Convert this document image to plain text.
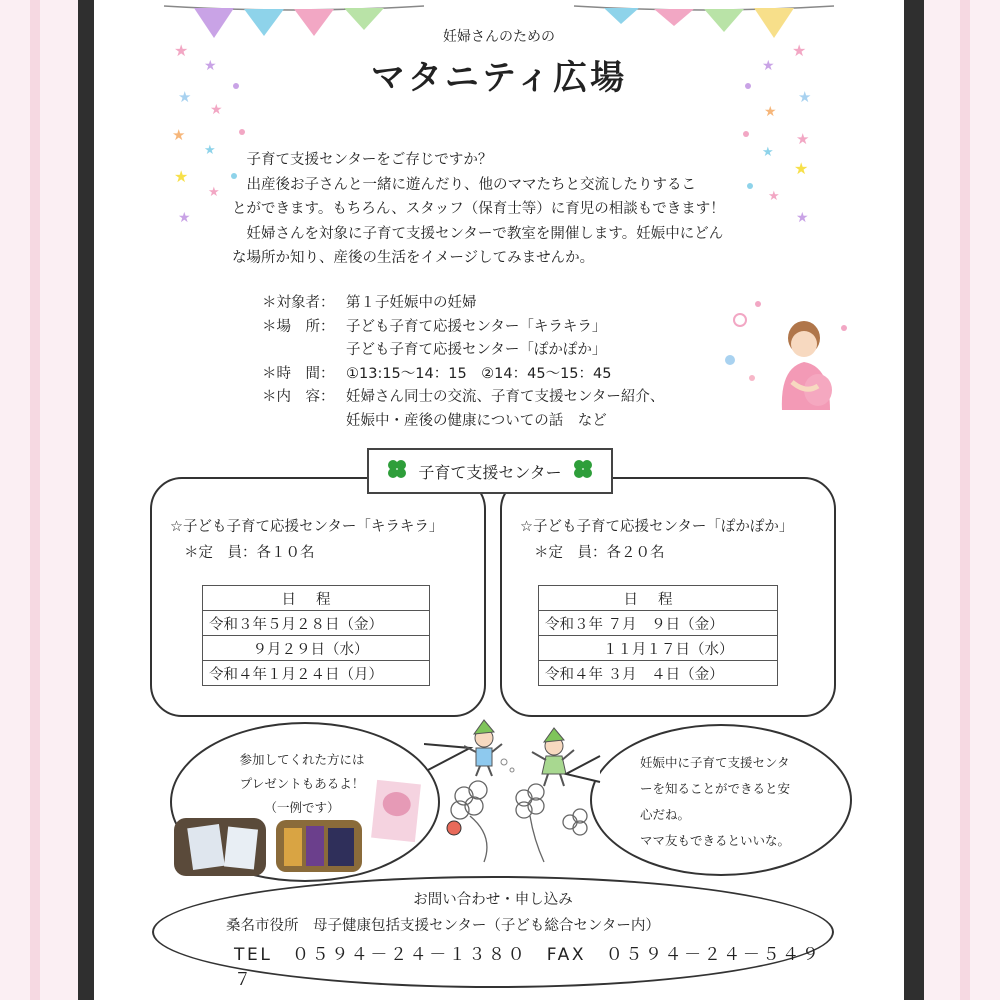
★
★
★
★
★
★
★
★
★
★
★
★
★
★
★
★
★
★
妊婦さんのための
マタニティ広場

　子育て支援センターをご存じですか？

　出産後お子さんと一緒に遊んだり、他のママたちと交流したりするこ

とができます。もちろん、スタッフ（保育士等）に育児の相談もできます！

　妊婦さんを対象に子育て支援センターで教室を開催します。妊娠中にどん

な場所か知り、産後の生活をイメージしてみませんか。

＊対象者： 第１子妊娠中の妊婦
＊場　所： 子ども子育て応援センター「キラキラ」
子ども子育て応援センター「ぽかぽか」
＊時　間： ①13:15～14：15　②14：45～15：45
＊内　容： 妊婦さん同士の交流、子育て支援センター紹介、
妊娠中・産後の健康についての話　など
子育て支援センター
☆子ども子育て応援センター「キラキラ」
＊定　員：各１０名
日程
令和３年５月２８日（金）
　　　９月２９日（水）
令和４年１月２４日（月）
☆子ども子育て応援センター「ぽかぽか」
＊定　員：各２０名
日程
令和３年 ７月　９日（金）
　　　　１１月１７日（水）
令和４年 ３月　４日（金）
参加してくれた方には
プレゼントもあるよ！
（一例です）
妊娠中に子育て支援センタ
ーを知ることができると安
心だね。
ママ友もできるといいな。
お問い合わせ・申し込み
桑名市役所　母子健康包括支援センター（子ども総合センター内）
TEL　０５９４－２４－１３８０　FAX　０５９４－２４－５４９７
